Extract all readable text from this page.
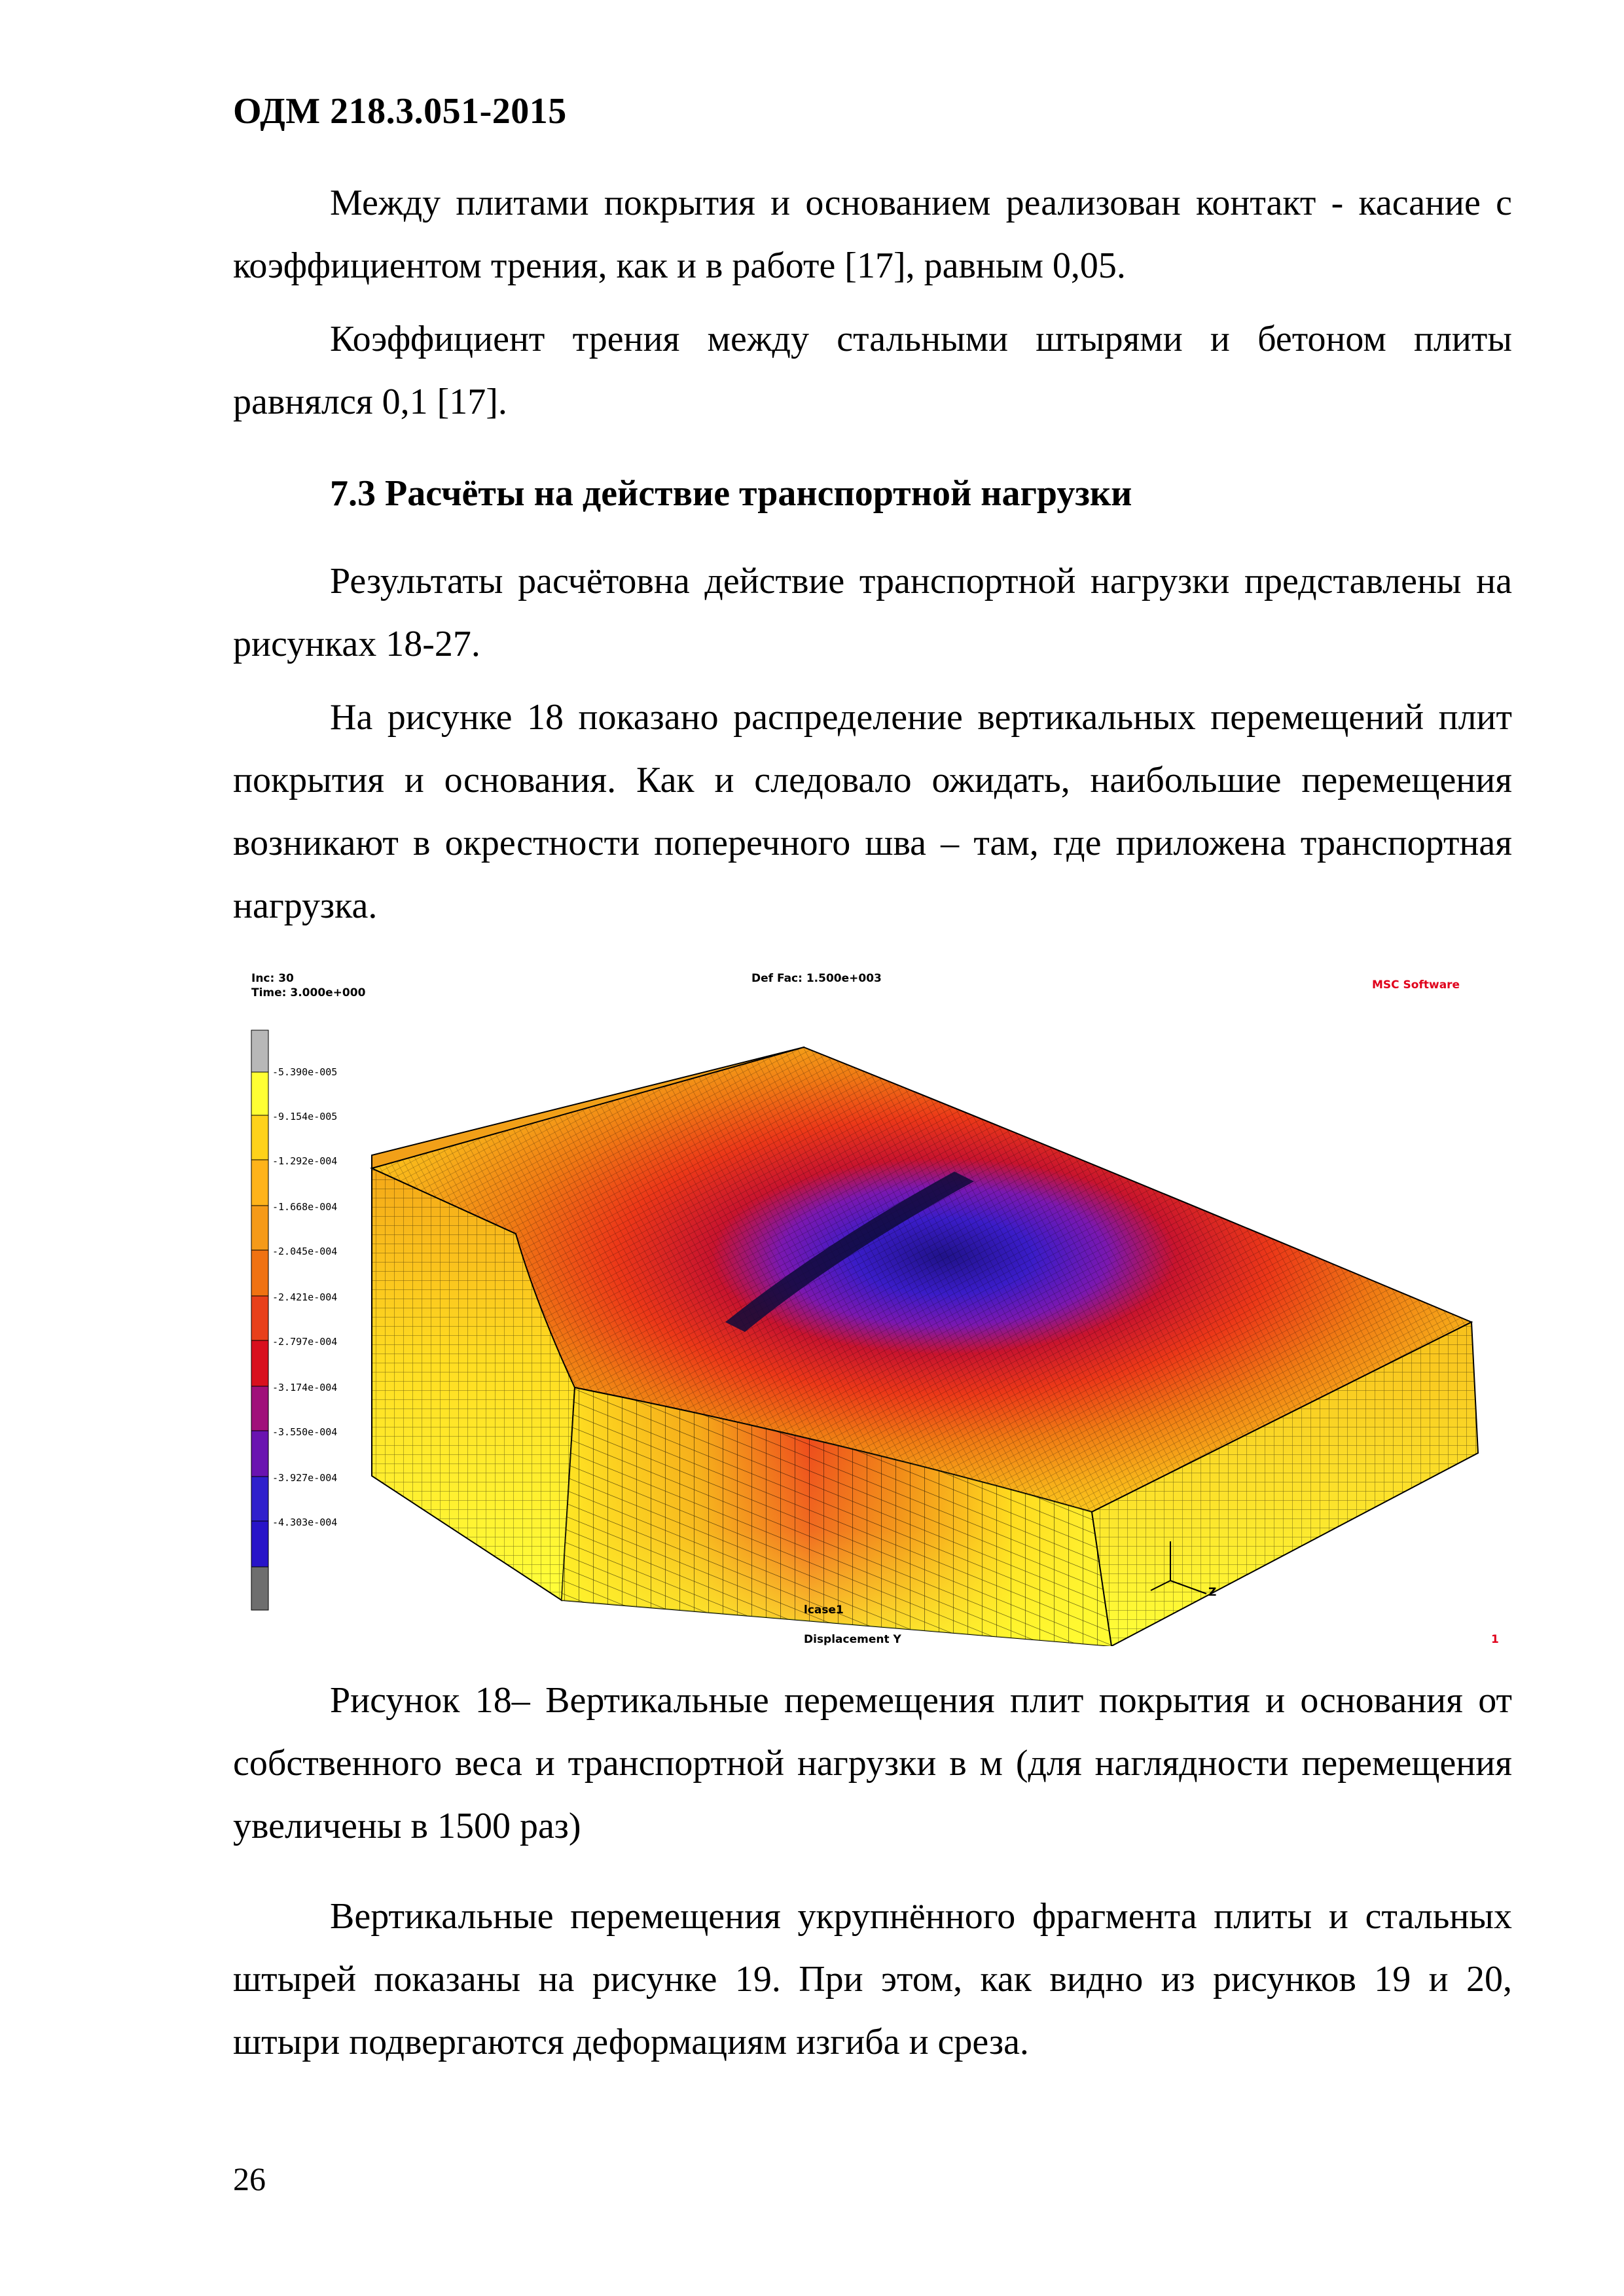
ОДМ 218.3.051-2015

Между плитами покрытия и основанием реализован контакт - касание с коэффициентом трения, как и в работе [17], равным 0,05.

Коэффициент трения между стальными штырями и бетоном плиты равнялся 0,1 [17].

7.3 Расчёты на действие транспортной нагрузки

Результаты расчётовна действие транспортной нагрузки представлены на рисунках 18-27.

На рисунке 18 показано распределение вертикальных перемещений плит покрытия и основания. Как и следовало ожидать, наибольшие перемещения возникают в окрестности поперечного шва – там, где приложена транспортная нагрузка.

Inc: 30
Time: 3.000e+000
Def Fac: 1.500e+003	MSC Software
-5.390e-005
-9.154e-005
-1.292e-004
-1.668e-004
-2.045e-004
-2.421e-004
-2.797e-004
-3.174e-004
-3.550e-004
-3.927e-004
-4.303e-004
Z
lcase1
Displacement Y	1

Рисунок 18– Вертикальные перемещения плит покрытия и основания от собственного веса и транспортной нагрузки в м (для наглядности перемещения увеличены в 1500 раз)

Вертикальные перемещения укрупнённого фрагмента плиты и стальных штырей показаны на рисунке 19. При этом, как видно из рисунков 19 и 20, штыри подвергаются деформациям изгиба и среза.

26
